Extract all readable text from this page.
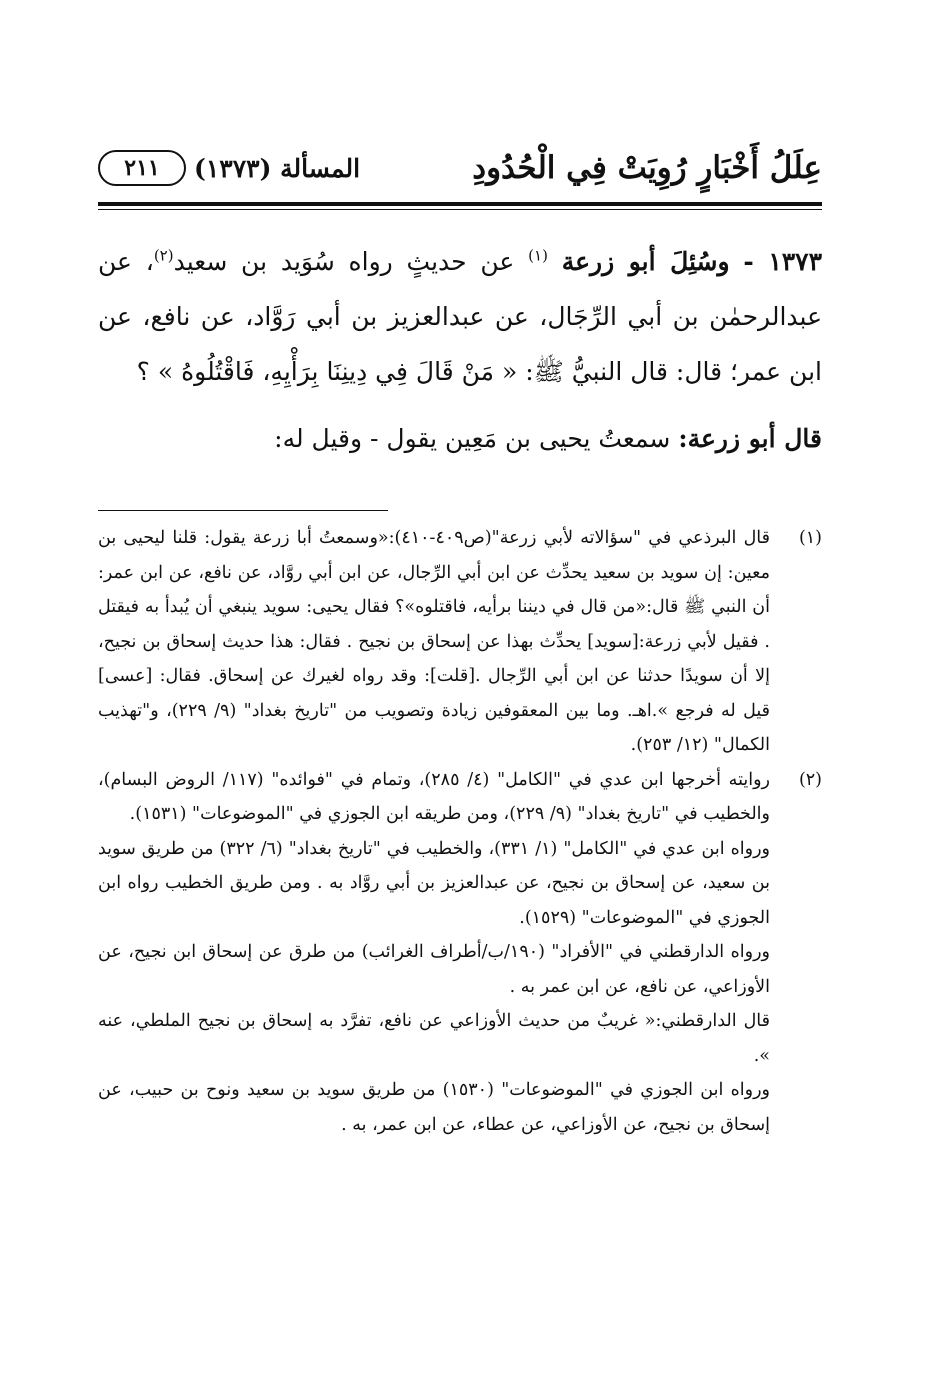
عِلَلُ أَخْبَارٍ رُوِيَتْ فِي الْحُدُودِ
المسألة (١٣٧٣)
٢١١

١٣٧٣ - وسُئِلَ أبو زرعة $^{(١)}$ عن حديثٍ رواه سُوَيد بن سعيد$^{(٢)}$، عن عبدالرحمٰن بن أبي الرِّجَال، عن عبدالعزيز بن أبي رَوَّاد، عن نافع، عن ابن عمر؛ قال: قال النبيُّ ﷺ: « مَنْ قَالَ فِي دِينِنَا بِرَأْيِهِ، فَاقْتُلُوهُ » ؟

قال أبو زرعة: سمعتُ يحيى بن مَعِين يقول - وقيل له:

(١)

قال البرذعي في "سؤالاته لأبي زرعة"(ص٤٠٩-٤١٠):«وسمعتُ أبا زرعة يقول: قلنا ليحيى بن معين: إن سويد بن سعيد يحدِّث عن ابن أبي الرِّجال، عن ابن أبي روَّاد، عن نافع، عن ابن عمر: أن النبي ﷺ قال:«من قال في ديننا برأيه، فاقتلوه»؟ فقال يحيى: سويد ينبغي أن يُبدأ به فيقتل . فقيل لأبي زرعة:[سويد] يحدِّث بهذا عن إسحاق بن نجيح . فقال: هذا حديث إسحاق بن نجيح، إلا أن سويدًا حدثنا عن ابن أبي الرِّجال .[قلت]: وقد رواه لغيرك عن إسحاق. فقال: [عسى] قيل له فرجع ».اهـ. وما بين المعقوفين زيادة وتصويب من "تاريخ بغداد" (٩/ ٢٢٩)، و"تهذيب الكمال" (١٢/ ٢٥٣).

(٢)

روايته أخرجها ابن عدي في "الكامل" (٤/ ٢٨٥)، وتمام في "فوائده" (١١٧/ الروض البسام)، والخطيب في "تاريخ بغداد" (٩/ ٢٢٩)، ومن طريقه ابن الجوزي في "الموضوعات" (١٥٣١).

ورواه ابن عدي في "الكامل" (١/ ٣٣١)، والخطيب في "تاريخ بغداد" (٦/ ٣٢٢) من طريق سويد بن سعيد، عن إسحاق بن نجيح، عن عبدالعزيز بن أبي روَّاد به . ومن طريق الخطيب رواه ابن الجوزي في "الموضوعات" (١٥٢٩).

ورواه الدارقطني في "الأفراد" (١٩٠/ب/أطراف الغرائب) من طرق عن إسحاق ابن نجيح، عن الأوزاعي، عن نافع، عن ابن عمر به .

قال الدارقطني:« غريبٌ من حديث الأوزاعي عن نافع، تفرَّد به إسحاق بن نجيح الملطي، عنه ».

ورواه ابن الجوزي في "الموضوعات" (١٥٣٠) من طريق سويد بن سعيد ونوح بن حبيب، عن إسحاق بن نجيح، عن الأوزاعي، عن عطاء، عن ابن عمر، به .
